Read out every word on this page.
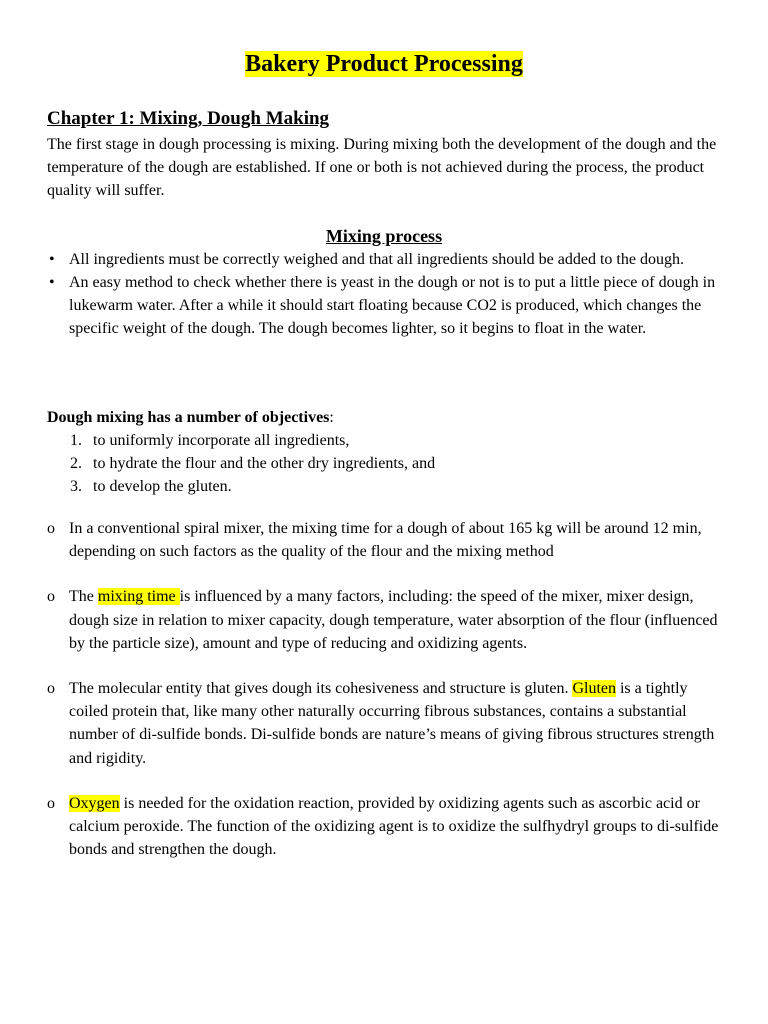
Bakery Product Processing
Chapter 1: Mixing, Dough Making

The first stage in dough processing is mixing. During mixing both the development of the dough and the temperature of the dough are established. If one or both is not achieved during the process, the product quality will suffer.

Mixing process
• All ingredients must be correctly weighed and that all ingredients should be added to the dough.
• An easy method to check whether there is yeast in the dough or not is to put a little piece of dough in lukewarm water. After a while it should start floating because CO2 is produced, which changes the specific weight of the dough. The dough becomes lighter, so it begins to float in the water.

Dough mixing has a number of objectives:

1. to uniformly incorporate all ingredients,
2. to hydrate the flour and the other dry ingredients, and
3. to develop the gluten.
o In a conventional spiral mixer, the mixing time for a dough of about 165 kg will be around 12 min, depending on such factors as the quality of the flour and the mixing method
o The mixing time is influenced by a many factors, including: the speed of the mixer, mixer design, dough size in relation to mixer capacity, dough temperature, water absorption of the flour (influenced by the particle size), amount and type of reducing and oxidizing agents.
o The molecular entity that gives dough its cohesiveness and structure is gluten. Gluten is a tightly coiled protein that, like many other naturally occurring fibrous substances, contains a substantial number of di-sulfide bonds. Di-sulfide bonds are nature’s means of giving fibrous structures strength and rigidity.
o Oxygen is needed for the oxidation reaction, provided by oxidizing agents such as ascorbic acid or calcium peroxide. The function of the oxidizing agent is to oxidize the sulfhydryl groups to di-sulfide bonds and strengthen the dough.
